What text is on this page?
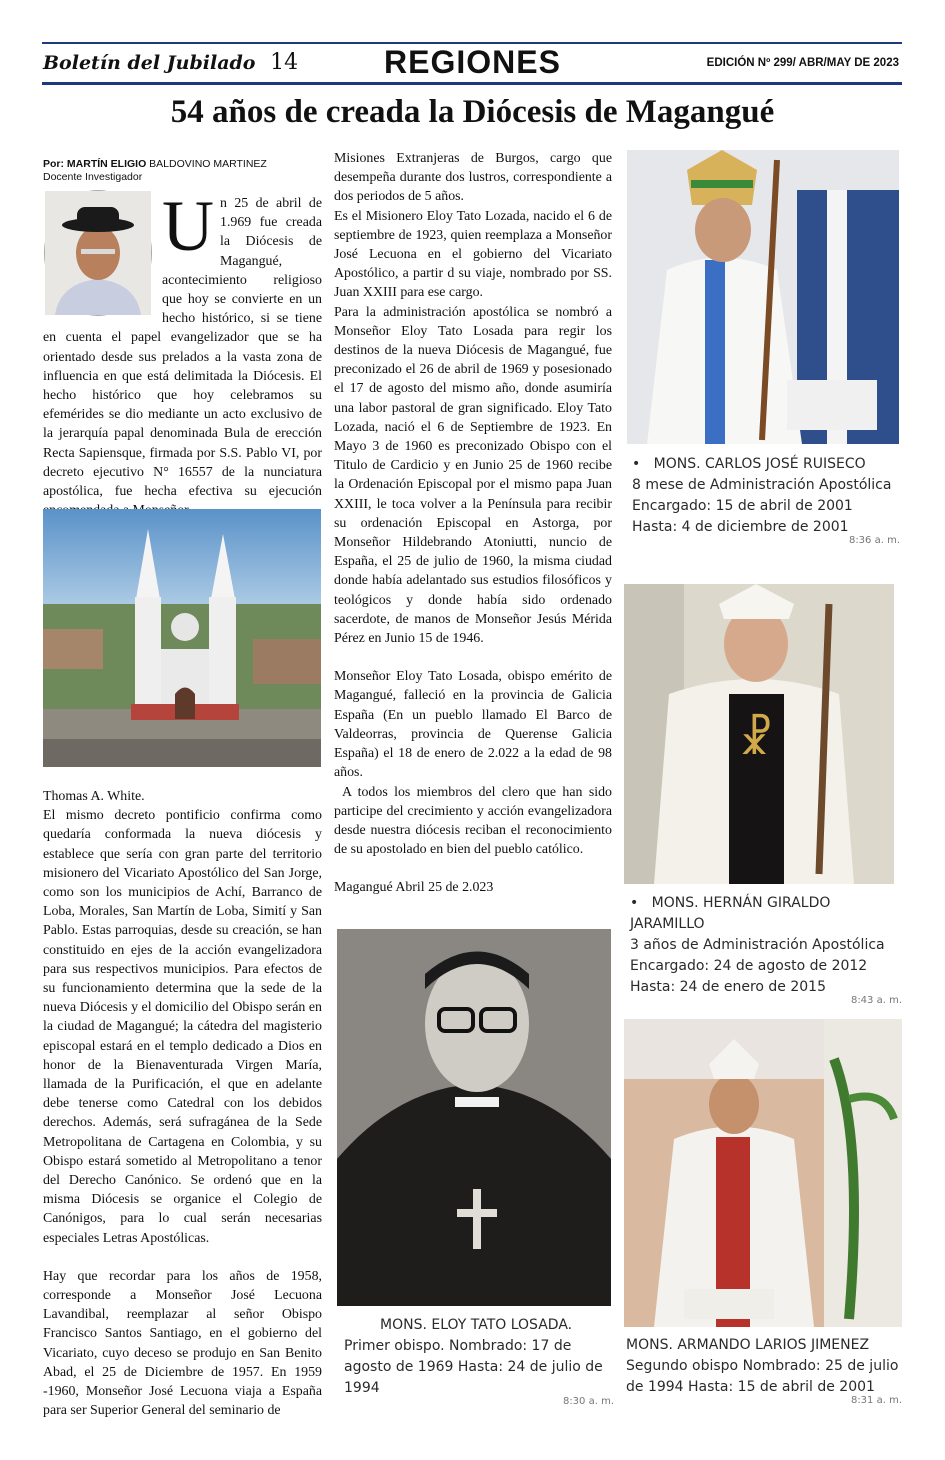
Boletín del Jubilado 14	REGIONES	EDICIÓN Nº 299/ ABR/MAY DE 2023
54 años de creada la Diócesis de Magangué
Por: MARTÍN ELIGIO BALDOVINO MARTINEZ
Docente Investigador

Un 25 de abril de 1.969 fue creada la Diócesis de Magangué, acontecimiento religioso que hoy se convierte en un hecho histórico, si se tiene en cuenta el papel evangelizador que se ha orientado desde sus prelados a la vasta zona de influencia en que está delimitada la Diócesis. El hecho histórico que hoy celebramos su efemérides se dio mediante un acto exclusivo de la jerarquía papal denominada Bula de erección Recta Sapiensque, firmada por S.S. Pablo VI, por decreto ejecutivo N° 16557 de la nunciatura apostólica, fue hecha efectiva su ejecución

Thomas A. White.

El mismo decreto pontificio confirma como quedaría conformada la nueva diócesis y establece que sería con gran parte del territorio misionero del Vicariato Apostólico del San Jorge, como son los municipios de Achí, Barranco de Loba, Morales, San Martín de Loba, Simití y San Pablo. Estas parroquias, desde su creación, se han constituido en ejes de la acción evangelizadora para sus respectivos municipios. Para efectos de su funcionamiento determina que la sede de la nueva Diócesis y el domicilio del Obispo serán en la ciudad de Magangué; la cátedra del magisterio episcopal estará en el templo dedicado a Dios en honor de la Bienaventurada Virgen María, llamada de la Purificación, el que en adelante debe tenerse como Catedral con los debidos derechos. Además, será sufragánea de la Sede Metropolitana de Cartagena en Colombia, y su Obispo estará sometido al Metropolitano a tenor del Derecho Canónico. Se ordenó que en la misma Diócesis se organice el Colegio de Canónigos, para lo cual serán necesarias especiales Letras Apostólicas.

Hay que recordar para los años de 1958, corresponde a Monseñor José Lecuona Lavandibal, reemplazar al señor Obispo Francisco Santos Santiago, en el gobierno del Vicariato, cuyo deceso se produjo en San Benito Abad, el 25 de Diciembre de 1957. En 1959 -1960, Monseñor José Lecuona viaja a España para ser Superior General del seminario de

Misiones Extranjeras de Burgos, cargo que desempeña durante dos lustros, correspondiente a dos periodos de 5 años.

Es el Misionero Eloy Tato Lozada, nacido el 6 de septiembre de 1923, quien reemplaza a Monseñor José Lecuona en el gobierno del Vicariato Apostólico, a partir d su viaje, nombrado por SS. Juan XXIII para ese cargo.

Para la administración apostólica se nombró a Monseñor Eloy Tato Losada para regir los destinos de la nueva Diócesis de Magangué, fue preconizado el 26 de abril de 1969 y posesionado el 17 de agosto del mismo año, donde asumiría una labor pastoral de gran significado. Eloy Tato Lozada, nació el 6 de Septiembre de 1923. En Mayo 3 de 1960 es preconizado Obispo con el Titulo de Cardicio y en Junio 25 de 1960 recibe la Ordenación Episcopal por el mismo papa Juan XXIII, le toca volver a la Península para recibir su ordenación Episcopal en Astorga, por Monseñor Hildebrando Atoniutti, nuncio de España, el 25 de julio de 1960, la misma ciudad donde había adelantado sus estudios filosóficos y teológicos y donde había sido ordenado sacerdote, de manos de Monseñor Jesús Mérida Pérez en Junio 15 de 1946.

Monseñor Eloy Tato Losada, obispo emérito de Magangué, falleció en la provincia de Galicia España (En un pueblo llamado El Barco de Valdeorras, provincia de Querense Galicia España) el 18 de enero de 2.022 a la edad de 98 años.

A todos los miembros del clero que han sido participe del crecimiento y acción evangelizadora desde nuestra diócesis reciban el reconocimiento de su apostolado en bien del pueblo católico.

Magangué Abril 25 de 2.023

MONS. ELOY TATO LOSADA.
Primer obispo. Nombrado: 17 de agosto de 1969 Hasta: 24 de julio de 1994
8:30 a. m.
• MONS. CARLOS JOSÉ RUISECO
8 mese de Administración Apostólica Encargado: 15 de abril de 2001 Hasta: 4 de diciembre de 2001
8:36 a. m.
☧
• MONS. HERNÁN GIRALDO JARAMILLO
3 años de Administración Apostólica Encargado: 24 de agosto de 2012 Hasta: 24 de enero de 2015
8:43 a. m.
MONS. ARMANDO LARIOS JIMENEZ
Segundo obispo Nombrado: 25 de julio de 1994 Hasta: 15 de abril de 2001
8:31 a. m.
